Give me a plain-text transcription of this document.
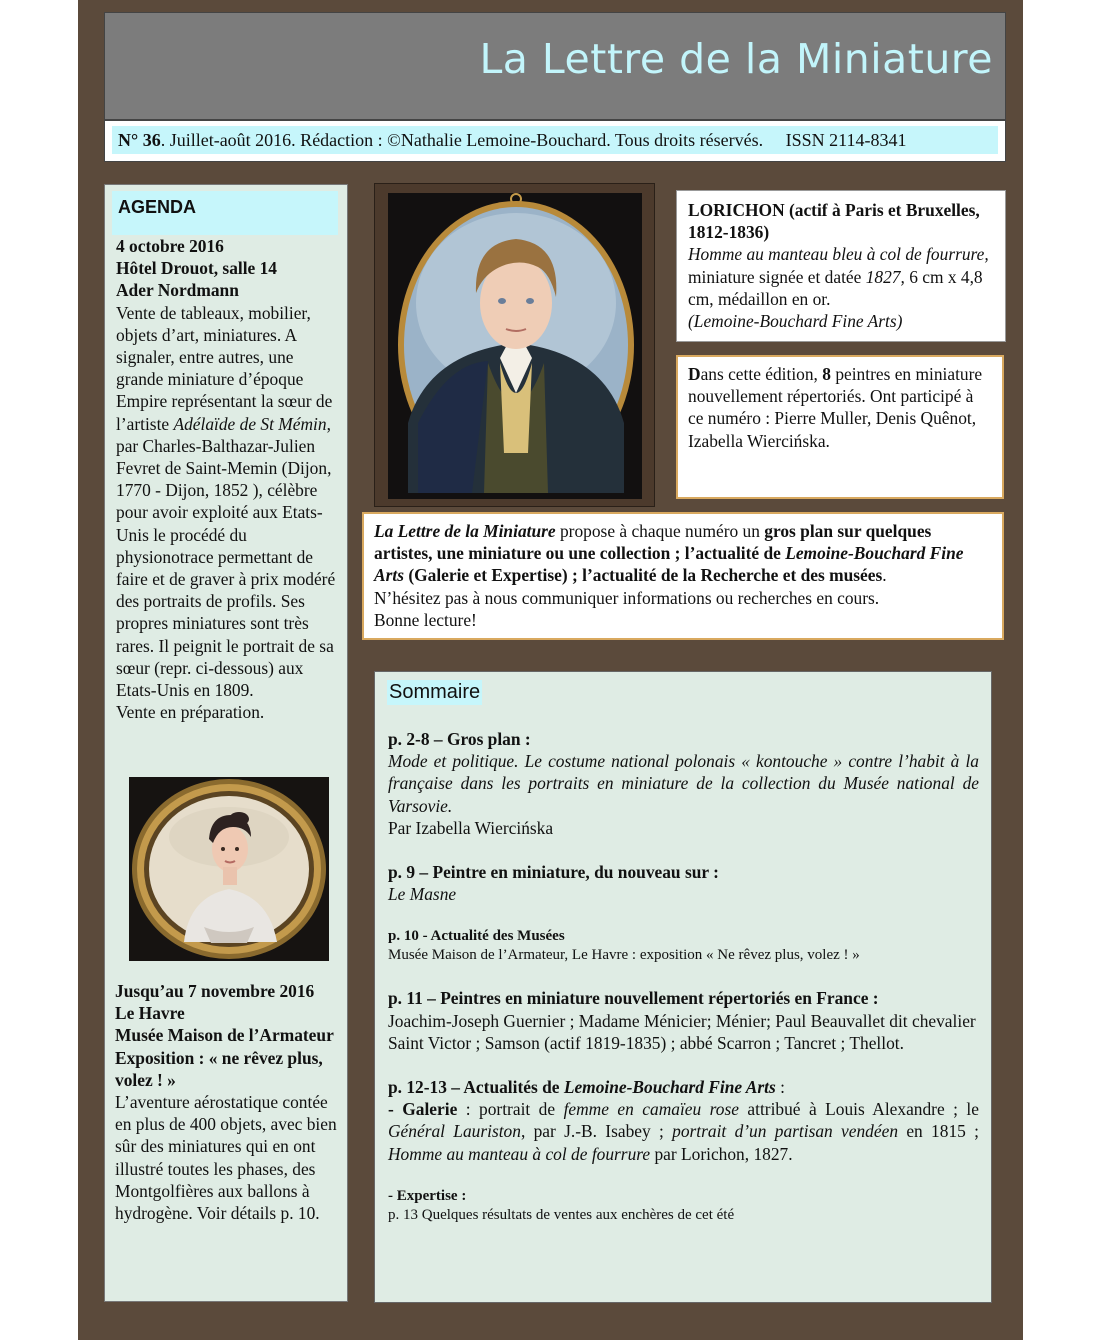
La Lettre de la Miniature
N° 36. Juillet-août 2016. Rédaction : ©Nathalie Lemoine-Bouchard. Tous droits réservés. ISSN 2114-8341
AGENDA
4 octobre 2016
Hôtel Drouot, salle 14
Ader Nordmann
Vente de tableaux, mobilier, objets d’art, miniatures. A signaler, entre autres, une grande miniature d’époque Empire représentant la sœur de l’artiste Adélaïde de St Mémin, par Charles-Balthazar-Julien Fevret de Saint-Memin (Dijon, 1770 - Dijon, 1852 ), célèbre pour avoir exploité aux Etats-Unis le procédé du physionotrace permettant de faire et de graver à prix modéré des portraits de profils. Ses propres miniatures sont très rares. Il peignit le portrait de sa sœur (repr. ci-dessous) aux Etats-Unis en 1809.
Vente en préparation.
Jusqu’au 7 novembre 2016
Le Havre
Musée Maison de l’Armateur
Exposition : « ne rêvez plus, volez ! »
L’aventure aérostatique contée en plus de 400 objets, avec bien sûr des miniatures qui en ont illustré toutes les phases, des Montgolfières aux ballons à hydrogène. Voir détails p. 10.
LORICHON (actif à Paris et Bruxelles, 1812-1836)
Homme au manteau bleu à col de fourrure, miniature signée et datée 1827, 6 cm x 4,8 cm, médaillon en or.
(Lemoine-Bouchard Fine Arts)
Dans cette édition, 8 peintres en miniature nouvellement répertoriés. Ont participé à ce numéro : Pierre Muller, Denis Quênot, Izabella Wiercińska.
La Lettre de la Miniature propose à chaque numéro un gros plan sur quelques artistes, une miniature ou une collection ; l’actualité de Lemoine-Bouchard Fine Arts (Galerie et Expertise) ; l’actualité de la Recherche et des musées.
N’hésitez pas à nous communiquer informations ou recherches en cours.
Bonne lecture!
Sommaire
p. 2-8 – Gros plan :
Mode et politique. Le costume national polonais « kontouche » contre l’habit à la française dans les portraits en miniature de la collection du Musée national de Varsovie.
Par Izabella Wiercińska
p. 9 – Peintre en miniature, du nouveau sur :
Le Masne
p. 10 - Actualité des Musées
Musée Maison de l’Armateur, Le Havre : exposition « Ne rêvez plus, volez ! »
p. 11 – Peintres en miniature nouvellement répertoriés en France :
Joachim-Joseph Guernier ; Madame Ménicier; Ménier; Paul Beauvallet dit chevalier Saint Victor ; Samson (actif 1819-1835) ; abbé Scarron ; Tancret ; Thellot.
p. 12-13 – Actualités de Lemoine-Bouchard Fine Arts :
- Galerie : portrait de femme en camaïeu rose attribué à Louis Alexandre ; le Général Lauriston, par J.-B. Isabey ; portrait d’un partisan vendéen en 1815 ; Homme au manteau à col de fourrure par Lorichon, 1827.
- Expertise :
p. 13 Quelques résultats de ventes aux enchères de cet été
